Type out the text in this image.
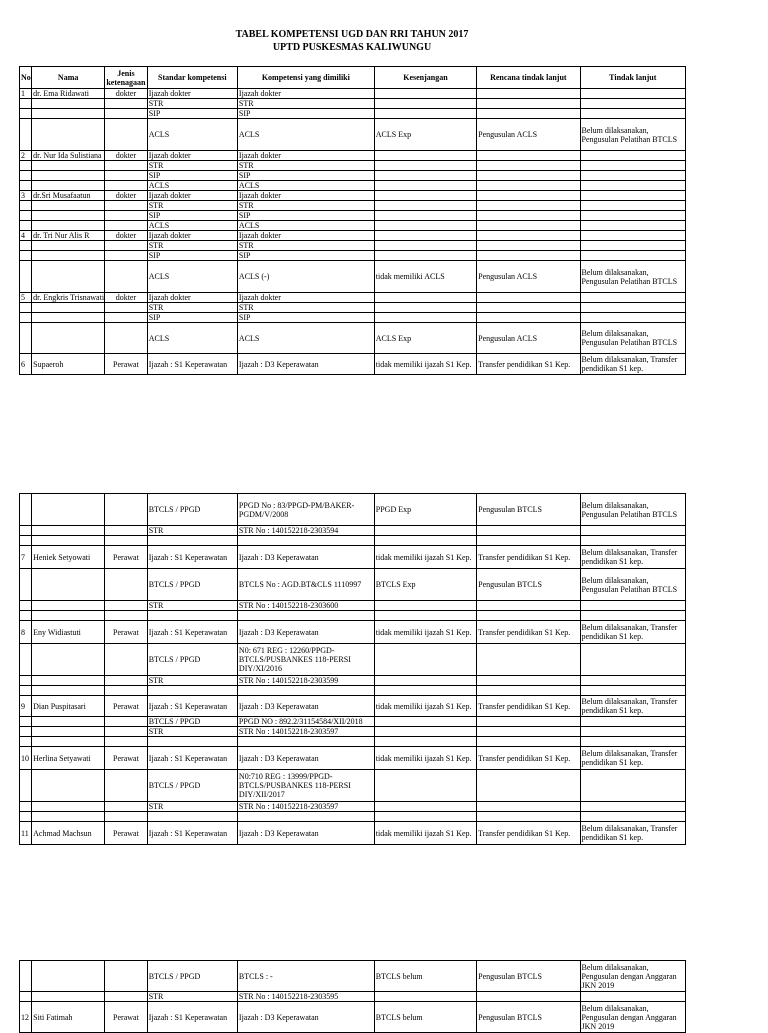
TABEL KOMPETENSI UGD DAN RRI TAHUN 2017
UPTD PUSKESMAS KALIWUNGU
No	Nama	Jenis ketenagaan	Standar kompetensi	Kompetensi yang dimiliki	Kesenjangan	Rencana tindak lanjut	Tindak lanjut
1	dr. Ema Ridawati	dokter	Ijazah dokter	Ijazah dokter			
			STR	STR			
			SIP	SIP			
			ACLS	ACLS	ACLS Exp	Pengusulan ACLS	Belum dilaksanakan, Pengusulan Pelatihan BTCLS
2	dr. Nur Ida Sulistiana	dokter	Ijazah dokter	Ijazah dokter			
			STR	STR			
			SIP	SIP			
			ACLS	ACLS			
3	dr.Sri Musafaatun	dokter	Ijazah dokter	Ijazah dokter			
			STR	STR			
			SIP	SIP			
			ACLS	ACLS			
4	dr. Tri Nur Alis R	dokter	Ijazah dokter	Ijazah dokter			
			STR	STR			
			SIP	SIP			
			ACLS	ACLS (-)	tidak memiliki ACLS	Pengusulan ACLS	Belum dilaksanakan, Pengusulan Pelatihan BTCLS
5	dr. Engkris Trisnawati	dokter	Ijazah dokter	Ijazah dokter			
			STR	STR			
			SIP	SIP			
			ACLS	ACLS	ACLS Exp	Pengusulan ACLS	Belum dilaksanakan, Pengusulan Pelatihan BTCLS
6	Supaeroh	Perawat	Ijazah : S1 Keperawatan	Ijazah : D3 Keperawatan	tidak memiliki ijazah S1 Kep.	Transfer pendidikan S1 Kep.	Belum dilaksanakan, Transfer pendidikan S1 kep.
			BTCLS / PPGD	PPGD No : 83/PPGD-PM/BAKER-PGDM/V/2008	PPGD Exp	Pengusulan BTCLS	Belum dilaksanakan, Pengusulan Pelatihan BTCLS
			STR	STR No : 140152218-2303594			

7	Heniek Setyowati	Perawat	Ijazah : S1 Keperawatan	Ijazah : D3 Keperawatan	tidak memiliki ijazah S1 Kep.	Transfer pendidikan S1 Kep.	Belum dilaksanakan, Transfer pendidikan S1 kep.
			BTCLS / PPGD	BTCLS No : AGD.BT&CLS 1110997	BTCLS Exp	Pengusulan BTCLS	Belum dilaksanakan, Pengusulan Pelatihan BTCLS
			STR	STR No : 140152218-2303600			

8	Eny Widiastuti	Perawat	Ijazah : S1 Keperawatan	Ijazah : D3 Keperawatan	tidak memiliki ijazah S1 Kep.	Transfer pendidikan S1 Kep.	Belum dilaksanakan, Transfer pendidikan S1 kep.
			BTCLS / PPGD	N0: 671 REG : 12260/PPGD-BTCLS/PUSBANKES 118-PERSI DIY/XI/2016			
			STR	STR No : 140152218-2303599			

9	Dian Puspitasari	Perawat	Ijazah : S1 Keperawatan	Ijazah : D3 Keperawatan	tidak memiliki ijazah S1 Kep.	Transfer pendidikan S1 Kep.	Belum dilaksanakan, Transfer pendidikan S1 kep.
			BTCLS / PPGD	PPGD NO : 892.2/31154584/XII/2018			
			STR	STR No : 140152218-2303597			

10	Herlina Setyawati	Perawat	Ijazah : S1 Keperawatan	Ijazah : D3 Keperawatan	tidak memiliki ijazah S1 Kep.	Transfer pendidikan S1 Kep.	Belum dilaksanakan, Transfer pendidikan S1 kep.
			BTCLS / PPGD	N0:710 REG : 13999/PPGD-BTCLS/PUSBANKES 118-PERSI DIY/XII/2017			
			STR	STR No : 140152218-2303597			

11	Achmad Machsun	Perawat	Ijazah : S1 Keperawatan	Ijazah : D3 Keperawatan	tidak memiliki ijazah S1 Kep.	Transfer pendidikan S1 Kep.	Belum dilaksanakan, Transfer pendidikan S1 kep.
			BTCLS / PPGD	BTCLS : -	BTCLS belum	Pengusulan BTCLS	Belum dilaksanakan, Pengusulan dengan Anggaran JKN 2019
			STR	STR No : 140152218-2303595			
12	Siti Fatimah	Perawat	Ijazah : S1 Keperawatan	Ijazah : D3 Keperawatan	BTCLS belum	Pengusulan BTCLS	Belum dilaksanakan, Pengusulan dengan Anggaran JKN 2019
